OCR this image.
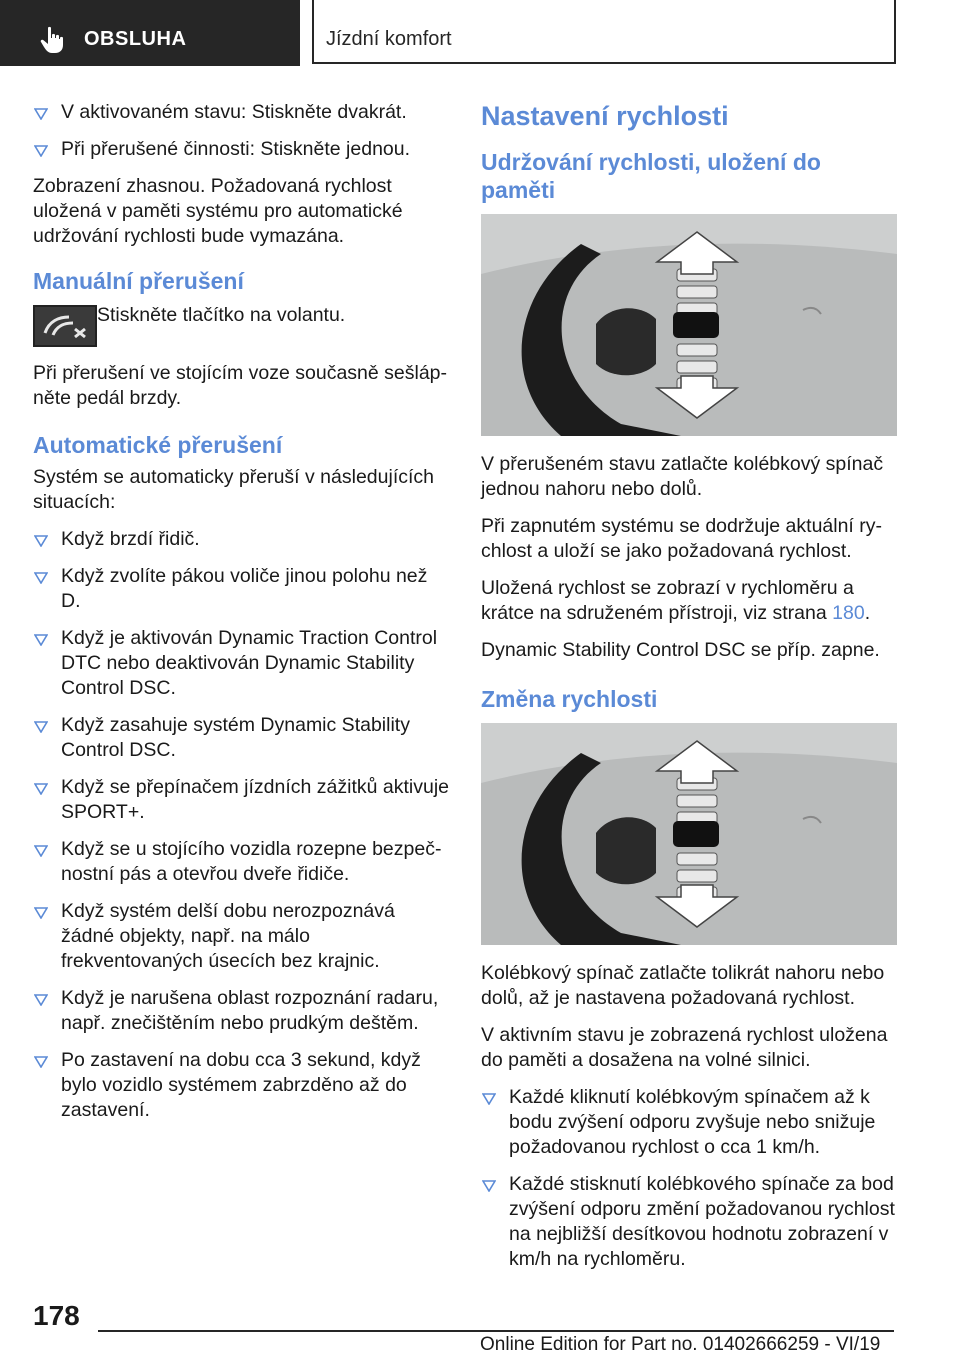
OBSLUHA	Jízdní komfort
V aktivovaném stavu: Stiskněte dvakrát.
Při přerušené činnosti: Stiskněte jednou.

Zobrazení zhasnou. Požadovaná rychlost uložená v paměti systému pro automatické udržování rychlosti bude vymazána.

Manuální přerušení
Stiskněte tlačítko na volantu.

Při přerušení ve stojícím voze současně sešlápněte pedál brzdy.

Automatické přerušení

Systém se automaticky přeruší v následujících situacích:

Když brzdí řidič.
Když zvolíte pákou voliče jinou polohu než D.
Když je aktivován Dynamic Traction Control DTC nebo deaktivován Dynamic Stability Control DSC.
Když zasahuje systém Dynamic Stability Control DSC.
Když se přepínačem jízdních zážitků aktivuje SPORT+.
Když se u stojícího vozidla rozepne bezpečnostní pás a otevřou dveře řidiče.
Když systém delší dobu nerozpoznává žádné objekty, např. na málo frekventovaných úsecích bez krajnic.
Když je narušena oblast rozpoznání radaru, např. znečištěním nebo prudkým deštěm.
Po zastavení na dobu cca 3 sekund, když bylo vozidlo systémem zabrzděno až do zastavení.
Nastavení rychlosti
Udržování rychlosti, uložení do paměti

V přerušeném stavu zatlačte kolébkový spínač jednou nahoru nebo dolů.

Při zapnutém systému se dodržuje aktuální rychlost a uloží se jako požadovaná rychlost.

Uložená rychlost se zobrazí v rychloměru a krátce na sdruženém přístroji, viz strana 180.

Dynamic Stability Control DSC se příp. zapne.

Změna rychlosti

Kolébkový spínač zatlačte tolikrát nahoru nebo dolů, až je nastavena požadovaná rychlost.

V aktivním stavu je zobrazená rychlost uložena do paměti a dosažena na volné silnici.

Každé kliknutí kolébkovým spínačem až k bodu zvýšení odporu zvyšuje nebo snižuje požadovanou rychlost o cca 1 km/h.
Každé stisknutí kolébkového spínače za bod zvýšení odporu změní požadovanou rychlost na nejbližší desítkovou hodnotu zobrazení v km/h na rychloměru.
178
Online Edition for Part no. 01402666259 - VI/19
